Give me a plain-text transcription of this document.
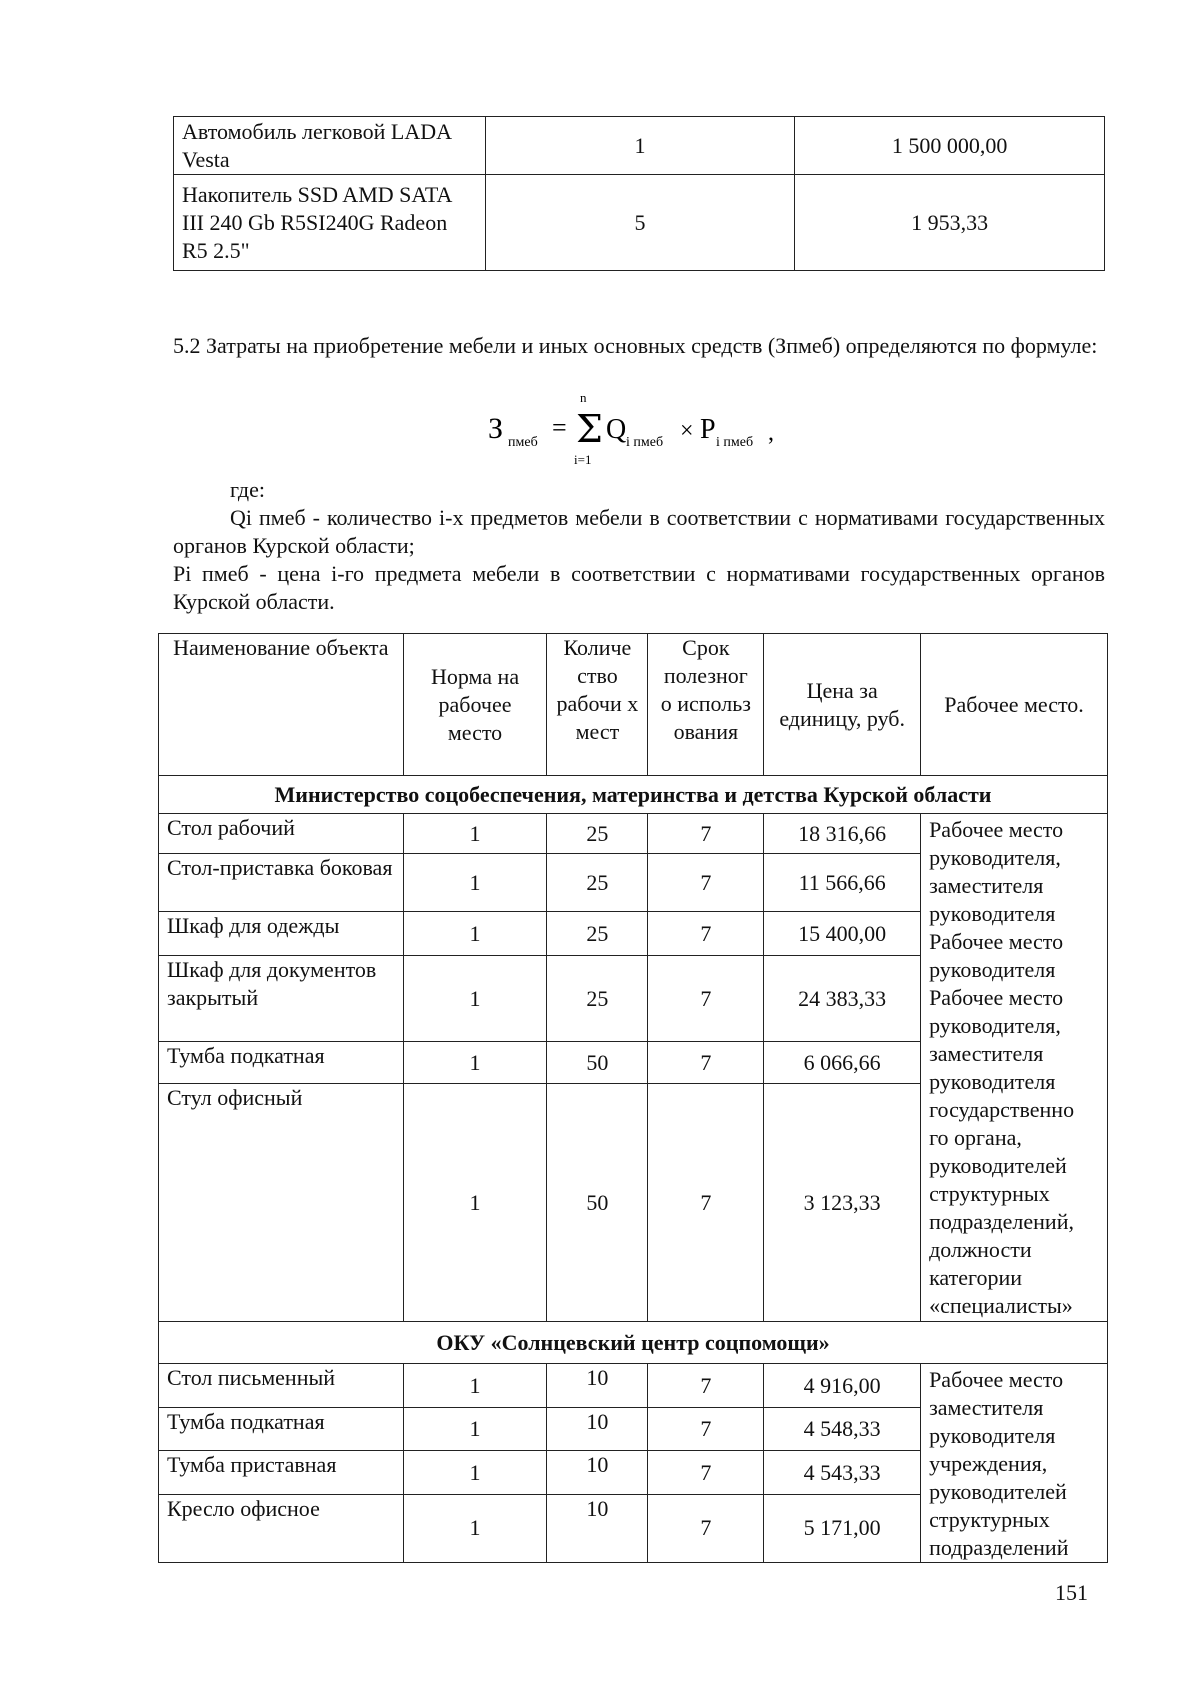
Автомобиль легковой LADA Vesta	1	1 500 000,00
Накопитель SSD AMD SATA III 240 Gb R5SI240G Radeon R5 2.5"	5	1 953,33
5.2 Затраты на приобретение мебели и иных основных средств (Зпмеб) определяются по формуле:
З пмеб
=
n
Σ
i=1
Q i пмеб × P i пмеб ,
где:
Qi пмеб - количество i-х предметов мебели в соответствии с нормативами государственных органов Курской области;
Pi пмеб - цена i-го предмета мебели в соответствии с нормативами государственных органов Курской области.
Наименование объекта	Норма на рабочее место	Количе ство рабочи х мест	Срок полезног о использ ования	Цена за единицу, руб.	Рабочее место.
Министерство соцобеспечения, материнства и детства Курской области					
Стол рабочий	1	25	7	18 316,66	Рабочее место руководителя, заместителя руководителя Рабочее место руководителя Рабочее место руководителя, заместителя руководителя государственно го органа, руководителей структурных подразделений, должности категории «специалисты»
Стол-приставка боковая	1	25	7	11 566,66	
Шкаф для одежды	1	25	7	15 400,00	
Шкаф для документов закрытый	1	25	7	24 383,33	
Тумба подкатная	1	50	7	6 066,66	
Стул офисный	1	50	7	3 123,33	
ОКУ «Солнцевский центр соцпомощи»					
Стол письменный	1	10	7	4 916,00	Рабочее место заместителя руководителя учреждения, руководителей структурных подразделений
Тумба подкатная	1	10	7	4 548,33	
Тумба приставная	1	10	7	4 543,33	
Кресло офисное	1	10	7	5 171,00	
151
